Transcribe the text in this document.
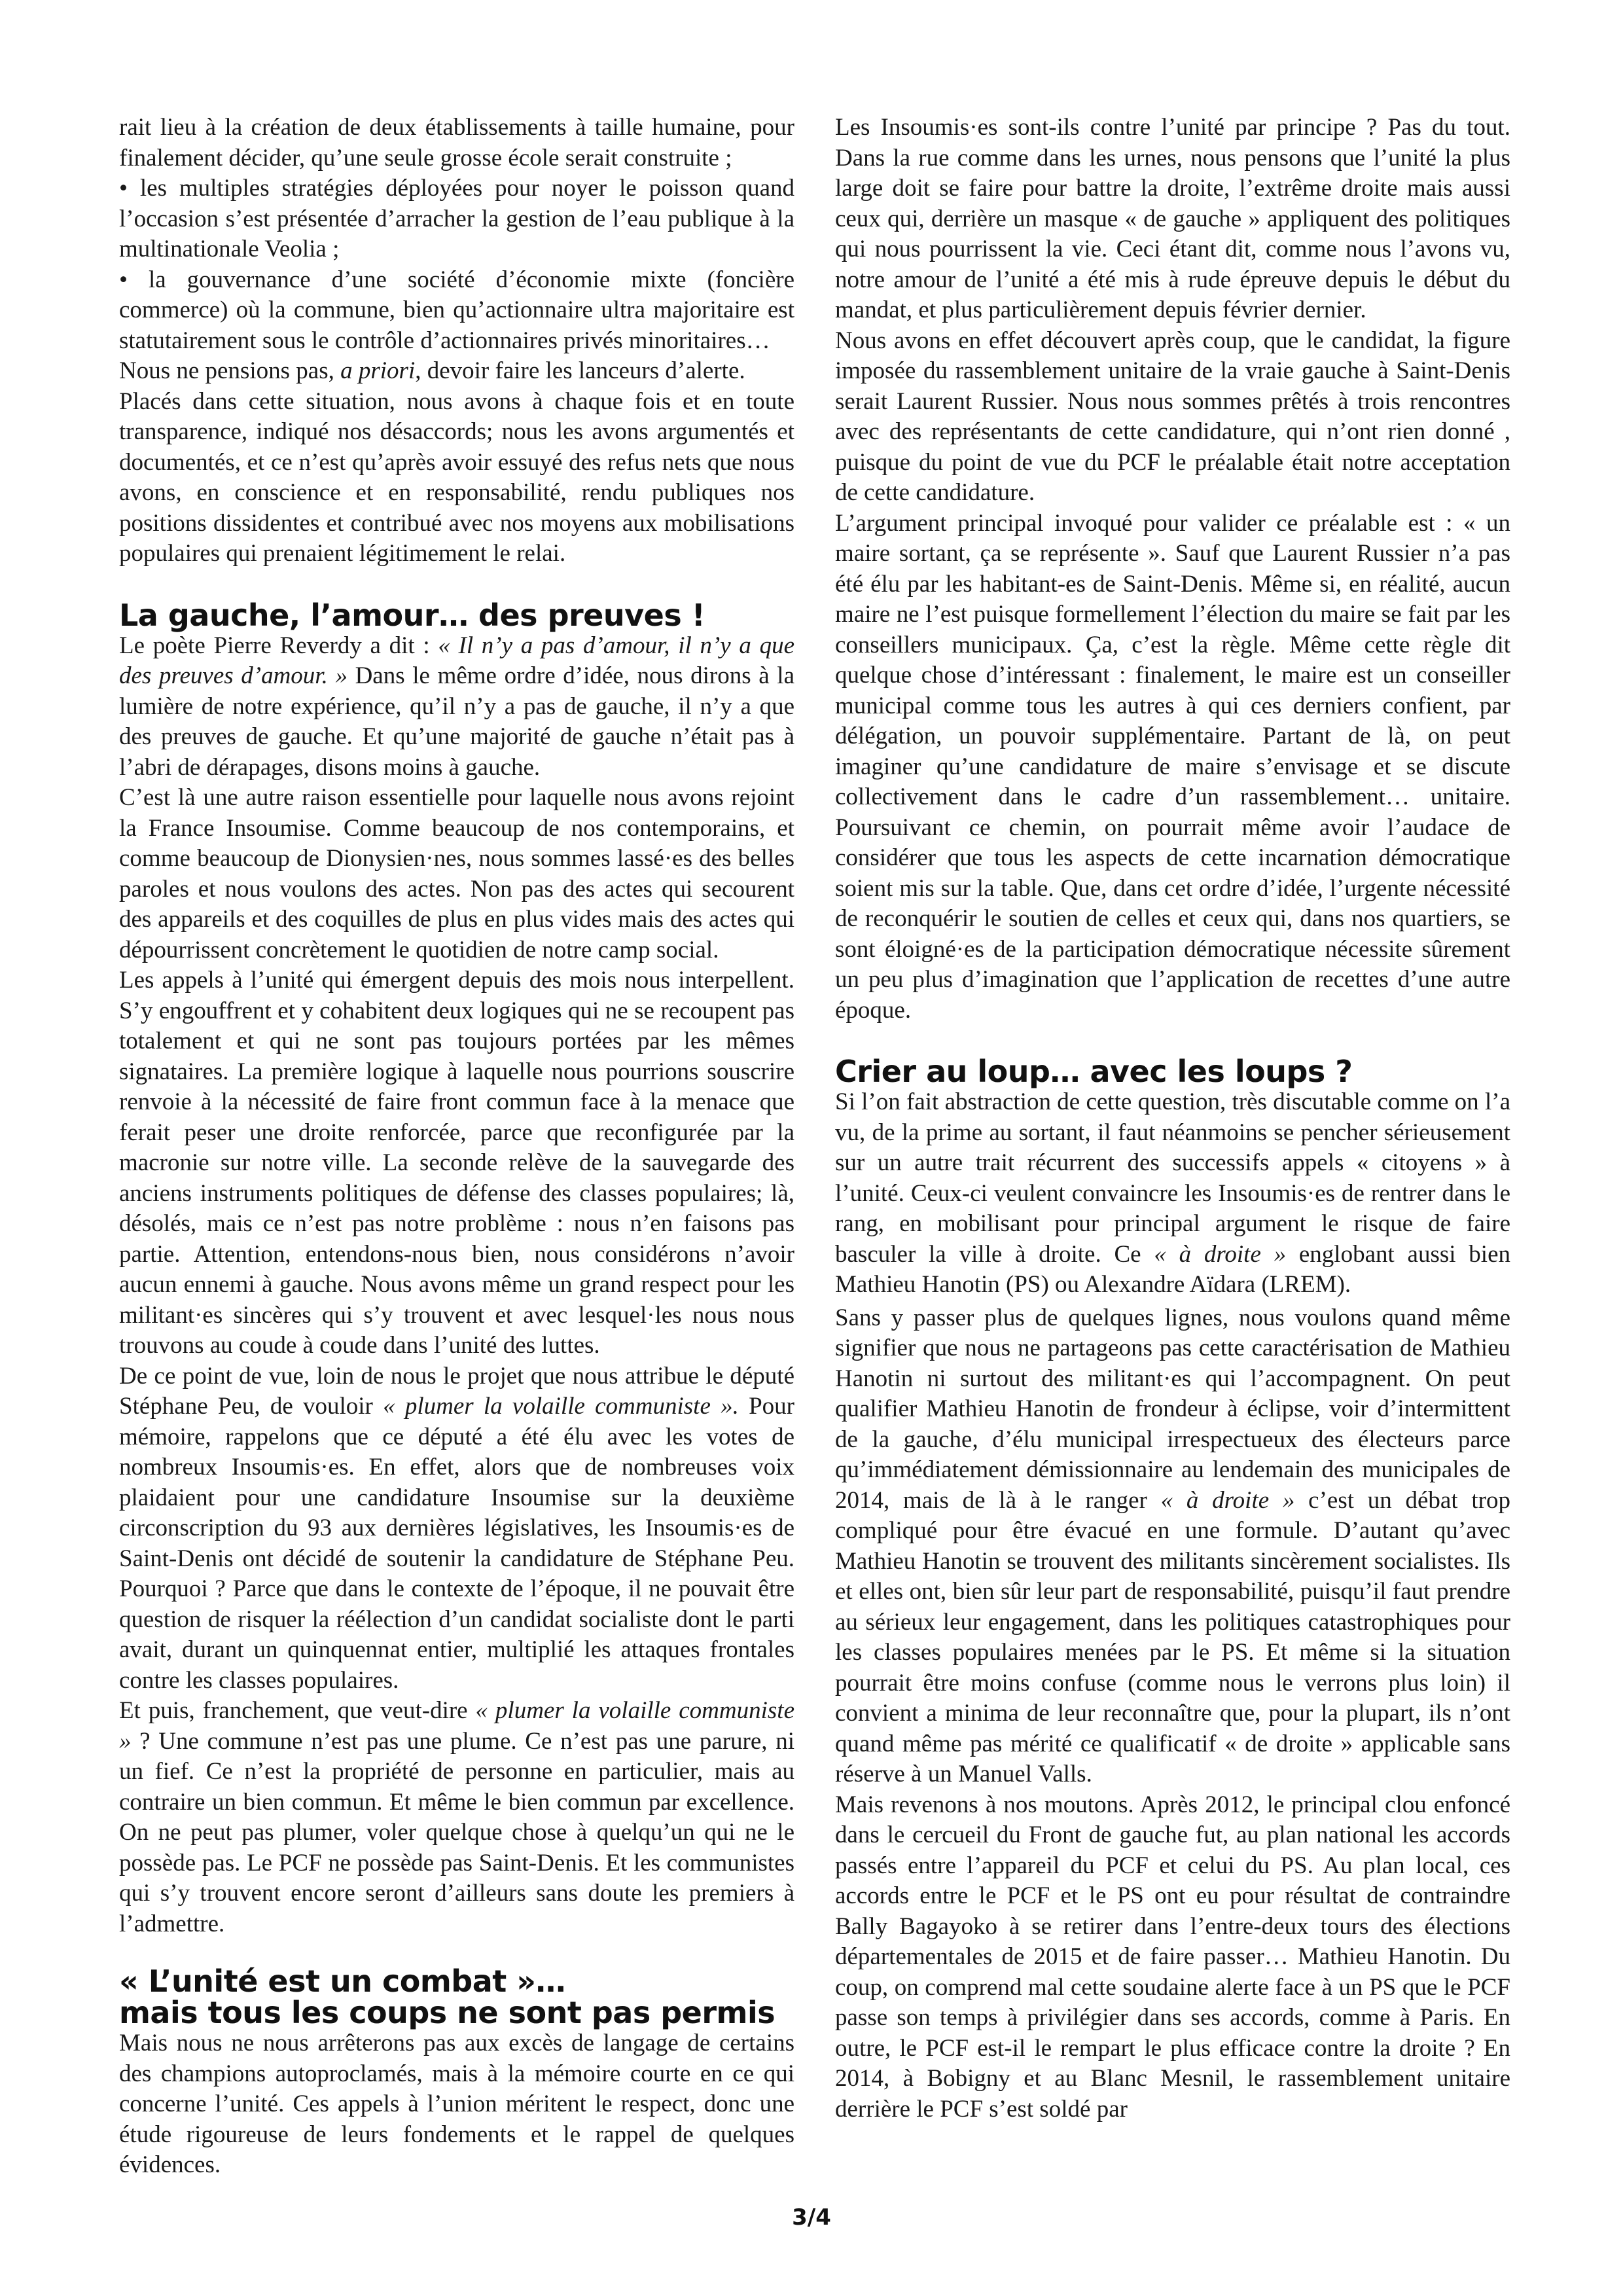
rait lieu à la création de deux établissements à taille humaine, pour finalement décider, qu’une seule grosse école serait construite ;

• les multiples stratégies déployées pour noyer le poisson quand l’occasion s’est présentée d’arracher la gestion de l’eau publique à la multinationale Veolia ;

• la gouvernance d’une société d’économie mixte (foncière commerce) où la commune, bien qu’actionnaire ultra majoritaire est statutairement sous le contrôle d’actionnaires privés minoritaires…

Nous ne pensions pas, a priori, devoir faire les lanceurs d’alerte.

Placés dans cette situation, nous avons à chaque fois et en toute transparence, indiqué nos désaccords; nous les avons argumentés et documentés, et ce n’est qu’après avoir essuyé des refus nets que nous avons, en conscience et en responsabilité, rendu publiques nos positions dissidentes et contribué avec nos moyens aux mobilisations populaires qui prenaient légitimement le relai.

La gauche, l’amour… des preuves !

Le poète Pierre Reverdy a dit : « Il n’y a pas d’amour, il n’y a que des preuves d’amour. » Dans le même ordre d’idée, nous dirons à la lumière de notre expérience, qu’il n’y a pas de gauche, il n’y a que des preuves de gauche. Et qu’une majorité de gauche n’était pas à l’abri de dérapages, disons moins à gauche.

C’est là une autre raison essentielle pour laquelle nous avons rejoint la France Insoumise. Comme beaucoup de nos contemporains, et comme beaucoup de Dionysien·nes, nous sommes lassé·es des belles paroles et nous voulons des actes. Non pas des actes qui secourent des appareils et des coquilles de plus en plus vides mais des actes qui dépourrissent concrètement le quotidien de notre camp social.

Les appels à l’unité qui émergent depuis des mois nous interpellent. S’y engouffrent et y cohabitent deux logiques qui ne se recoupent pas totalement et qui ne sont pas toujours portées par les mêmes signataires. La première logique à laquelle nous pourrions souscrire renvoie à la nécessité de faire front commun face à la menace que ferait peser une droite renforcée, parce que reconfigurée par la macronie sur notre ville. La seconde relève de la sauvegarde des anciens instruments politiques de défense des classes populaires; là, désolés, mais ce n’est pas notre problème : nous n’en faisons pas partie. Attention, entendons-nous bien, nous considérons n’avoir aucun ennemi à gauche. Nous avons même un grand respect pour les militant·es sincères qui s’y trouvent et avec lesquel·les nous nous trouvons au coude à coude dans l’unité des luttes.

De ce point de vue, loin de nous le projet que nous attribue le député Stéphane Peu, de vouloir « plumer la volaille communiste ». Pour mémoire, rappelons que ce député a été élu avec les votes de nombreux Insoumis·es. En effet, alors que de nombreuses voix plaidaient pour une candidature Insoumise sur la deuxième circonscription du 93 aux dernières législatives, les Insoumis·es de Saint-Denis ont décidé de soutenir la candidature de Stéphane Peu. Pourquoi ? Parce que dans le contexte de l’époque, il ne pouvait être question de risquer la réélection d’un candidat socialiste dont le parti avait, durant un quinquennat entier, multiplié les attaques frontales contre les classes populaires.

Et puis, franchement, que veut-dire « plumer la volaille communiste » ? Une commune n’est pas une plume. Ce n’est pas une parure, ni un fief. Ce n’est la propriété de personne en particulier, mais au contraire un bien commun. Et même le bien commun par excellence. On ne peut pas plumer, voler quelque chose à quelqu’un qui ne le possède pas. Le PCF ne possède pas Saint-Denis. Et les communistes qui s’y trouvent encore seront d’ailleurs sans doute les premiers à l’admettre.

« L’unité est un combat »…
mais tous les coups ne sont pas permis

Mais nous ne nous arrêterons pas aux excès de langage de certains des champions autoproclamés, mais à la mémoire courte en ce qui concerne l’unité. Ces appels à l’union méritent le respect, donc une étude rigoureuse de leurs fondements et le rappel de quelques évidences.

Les Insoumis·es sont-ils contre l’unité par principe ? Pas du tout. Dans la rue comme dans les urnes, nous pensons que l’unité la plus large doit se faire pour battre la droite, l’extrême droite mais aussi ceux qui, derrière un masque « de gauche » appliquent des politiques qui nous pourrissent la vie. Ceci étant dit, comme nous l’avons vu, notre amour de l’unité a été mis à rude épreuve depuis le début du mandat, et plus particulièrement depuis février dernier.

Nous avons en effet découvert après coup, que le candidat, la figure imposée du rassemblement unitaire de la vraie gauche à Saint-Denis serait Laurent Russier. Nous nous sommes prêtés à trois rencontres avec des représentants de cette candidature, qui n’ont rien donné , puisque du point de vue du PCF le préalable était notre acceptation de cette candidature.

L’argument principal invoqué pour valider ce préalable est : « un maire sortant, ça se représente ». Sauf que Laurent Russier n’a pas été élu par les habitant-es de Saint-Denis. Même si, en réalité, aucun maire ne l’est puisque formellement l’élection du maire se fait par les conseillers municipaux. Ça, c’est la règle. Même cette règle dit quelque chose d’intéressant : finalement, le maire est un conseiller municipal comme tous les autres à qui ces derniers confient, par délégation, un pouvoir supplémentaire. Partant de là, on peut imaginer qu’une candidature de maire s’envisage et se discute collectivement dans le cadre d’un rassemblement… unitaire. Poursuivant ce chemin, on pourrait même avoir l’audace de considérer que tous les aspects de cette incarnation démocratique soient mis sur la table. Que, dans cet ordre d’idée, l’urgente nécessité de reconquérir le soutien de celles et ceux qui, dans nos quartiers, se sont éloigné·es de la participation démocratique nécessite sûrement un peu plus d’imagination que l’application de recettes d’une autre époque.

Crier au loup… avec les loups ?

Si l’on fait abstraction de cette question, très discutable comme on l’a vu, de la prime au sortant, il faut néanmoins se pencher sérieusement sur un autre trait récurrent des successifs appels « citoyens » à l’unité. Ceux-ci veulent convaincre les Insoumis·es de rentrer dans le rang, en mobilisant pour principal argument le risque de faire basculer la ville à droite. Ce « à droite » englobant aussi bien Mathieu Hanotin (PS) ou Alexandre Aïdara (LREM).

Sans y passer plus de quelques lignes, nous voulons quand même signifier que nous ne partageons pas cette caractérisation de Mathieu Hanotin ni surtout des militant·es qui l’accompagnent. On peut qualifier Mathieu Hanotin de frondeur à éclipse, voir d’intermittent de la gauche, d’élu municipal irrespectueux des électeurs parce qu’immédiatement démissionnaire au lendemain des municipales de 2014, mais de là à le ranger « à droite » c’est un débat trop compliqué pour être évacué en une formule. D’autant qu’avec Mathieu Hanotin se trouvent des militants sincèrement socialistes. Ils et elles ont, bien sûr leur part de responsabilité, puisqu’il faut prendre au sérieux leur engagement, dans les politiques catastrophiques pour les classes populaires menées par le PS. Et même si la situation pourrait être moins confuse (comme nous le verrons plus loin) il convient a minima de leur reconnaître que, pour la plupart, ils n’ont quand même pas mérité ce qualificatif « de droite » applicable sans réserve à un Manuel Valls.

Mais revenons à nos moutons. Après 2012, le principal clou enfoncé dans le cercueil du Front de gauche fut, au plan national les accords passés entre l’appareil du PCF et celui du PS. Au plan local, ces accords entre le PCF et le PS ont eu pour résultat de contraindre Bally Bagayoko à se retirer dans l’entre-deux tours des élections départementales de 2015 et de faire passer… Mathieu Hanotin. Du coup, on comprend mal cette soudaine alerte face à un PS que le PCF passe son temps à privilégier dans ses accords, comme à Paris. En outre, le PCF est-il le rempart le plus efficace contre la droite ? En 2014, à Bobigny et au Blanc Mesnil, le rassemblement unitaire derrière le PCF s’est soldé par

3/4
